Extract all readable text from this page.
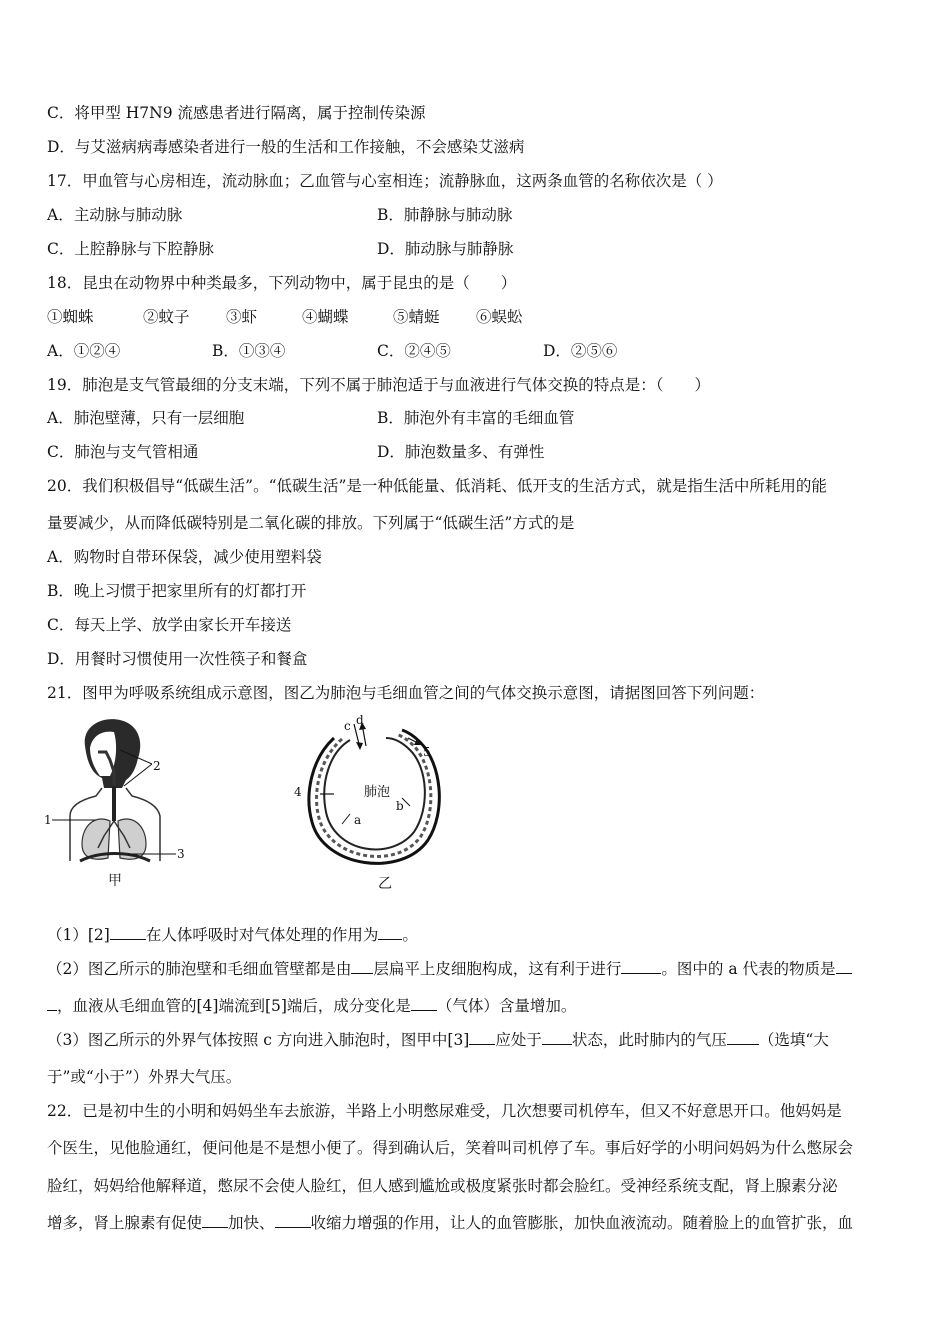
C．将甲型 H7N9 流感患者进行隔离，属于控制传染源
D．与艾滋病病毒感染者进行一般的生活和工作接触，不会感染艾滋病
17．甲血管与心房相连，流动脉血；乙血管与心室相连；流静脉血，这两条血管的名称依次是（ ）
A．主动脉与肺动脉	B．肺静脉与肺动脉
C．上腔静脉与下腔静脉	D．肺动脉与肺静脉
18．昆虫在动物界中种类最多，下列动物中，属于昆虫的是（　　）
①蜘蛛	②蚊子 ③虾	④蝴蝶	⑤蜻蜓 ⑥蜈蚣
A．①②④	B．①③④	C．②④⑤	D．②⑤⑥
19．肺泡是支气管最细的分支末端，下列不属于肺泡适于与血液进行气体交换的特点是：（　　）
A．肺泡壁薄，只有一层细胞	B．肺泡外有丰富的毛细血管
C．肺泡与支气管相通	D．肺泡数量多、有弹性
20．我们积极倡导“低碳生活”。“低碳生活”是一种低能量、低消耗、低开支的生活方式，就是指生活中所耗用的能
量要减少，从而降低碳特别是二氧化碳的排放。下列属于“低碳生活”方式的是
A．购物时自带环保袋，减少使用塑料袋
B．晚上习惯于把家里所有的灯都打开
C．每天上学、放学由家长开车接送
D．用餐时习惯使用一次性筷子和餐盒
21．图甲为呼吸系统组成示意图，图乙为肺泡与毛细血管之间的气体交换示意图，请据图回答下列问题：
2
1
3
甲
c d
5
4	肺泡
b
a
乙
（1）[2] 在人体呼吸时对气体处理的作用为 。
（2）图乙所示的肺泡壁和毛细血管壁都是由 层扁平上皮细胞构成，这有利于进行	。图中的 a 代表的物质是
，血液从毛细血管的[4]端流到[5]端后，成分变化是 （气体）含量增加。
（3）图乙所示的外界气体按照 c 方向进入肺泡时，图甲中[3] 应处于 状态，此时肺内的气压 （选填“大
于”或“小于”）外界大气压。
22．已是初中生的小明和妈妈坐车去旅游，半路上小明憋尿难受，几次想要司机停车，但又不好意思开口。他妈妈是
个医生，见他脸通红，便问他是不是想小便了。得到确认后，笑着叫司机停了车。事后好学的小明问妈妈为什么憋尿会
脸红，妈妈给他解释道，憋尿不会使人脸红，但人感到尴尬或极度紧张时都会脸红。受神经系统支配，肾上腺素分泌
增多，肾上腺素有促使 加快、 收缩力增强的作用，让人的血管膨胀，加快血液流动。随着脸上的血管扩张，血
